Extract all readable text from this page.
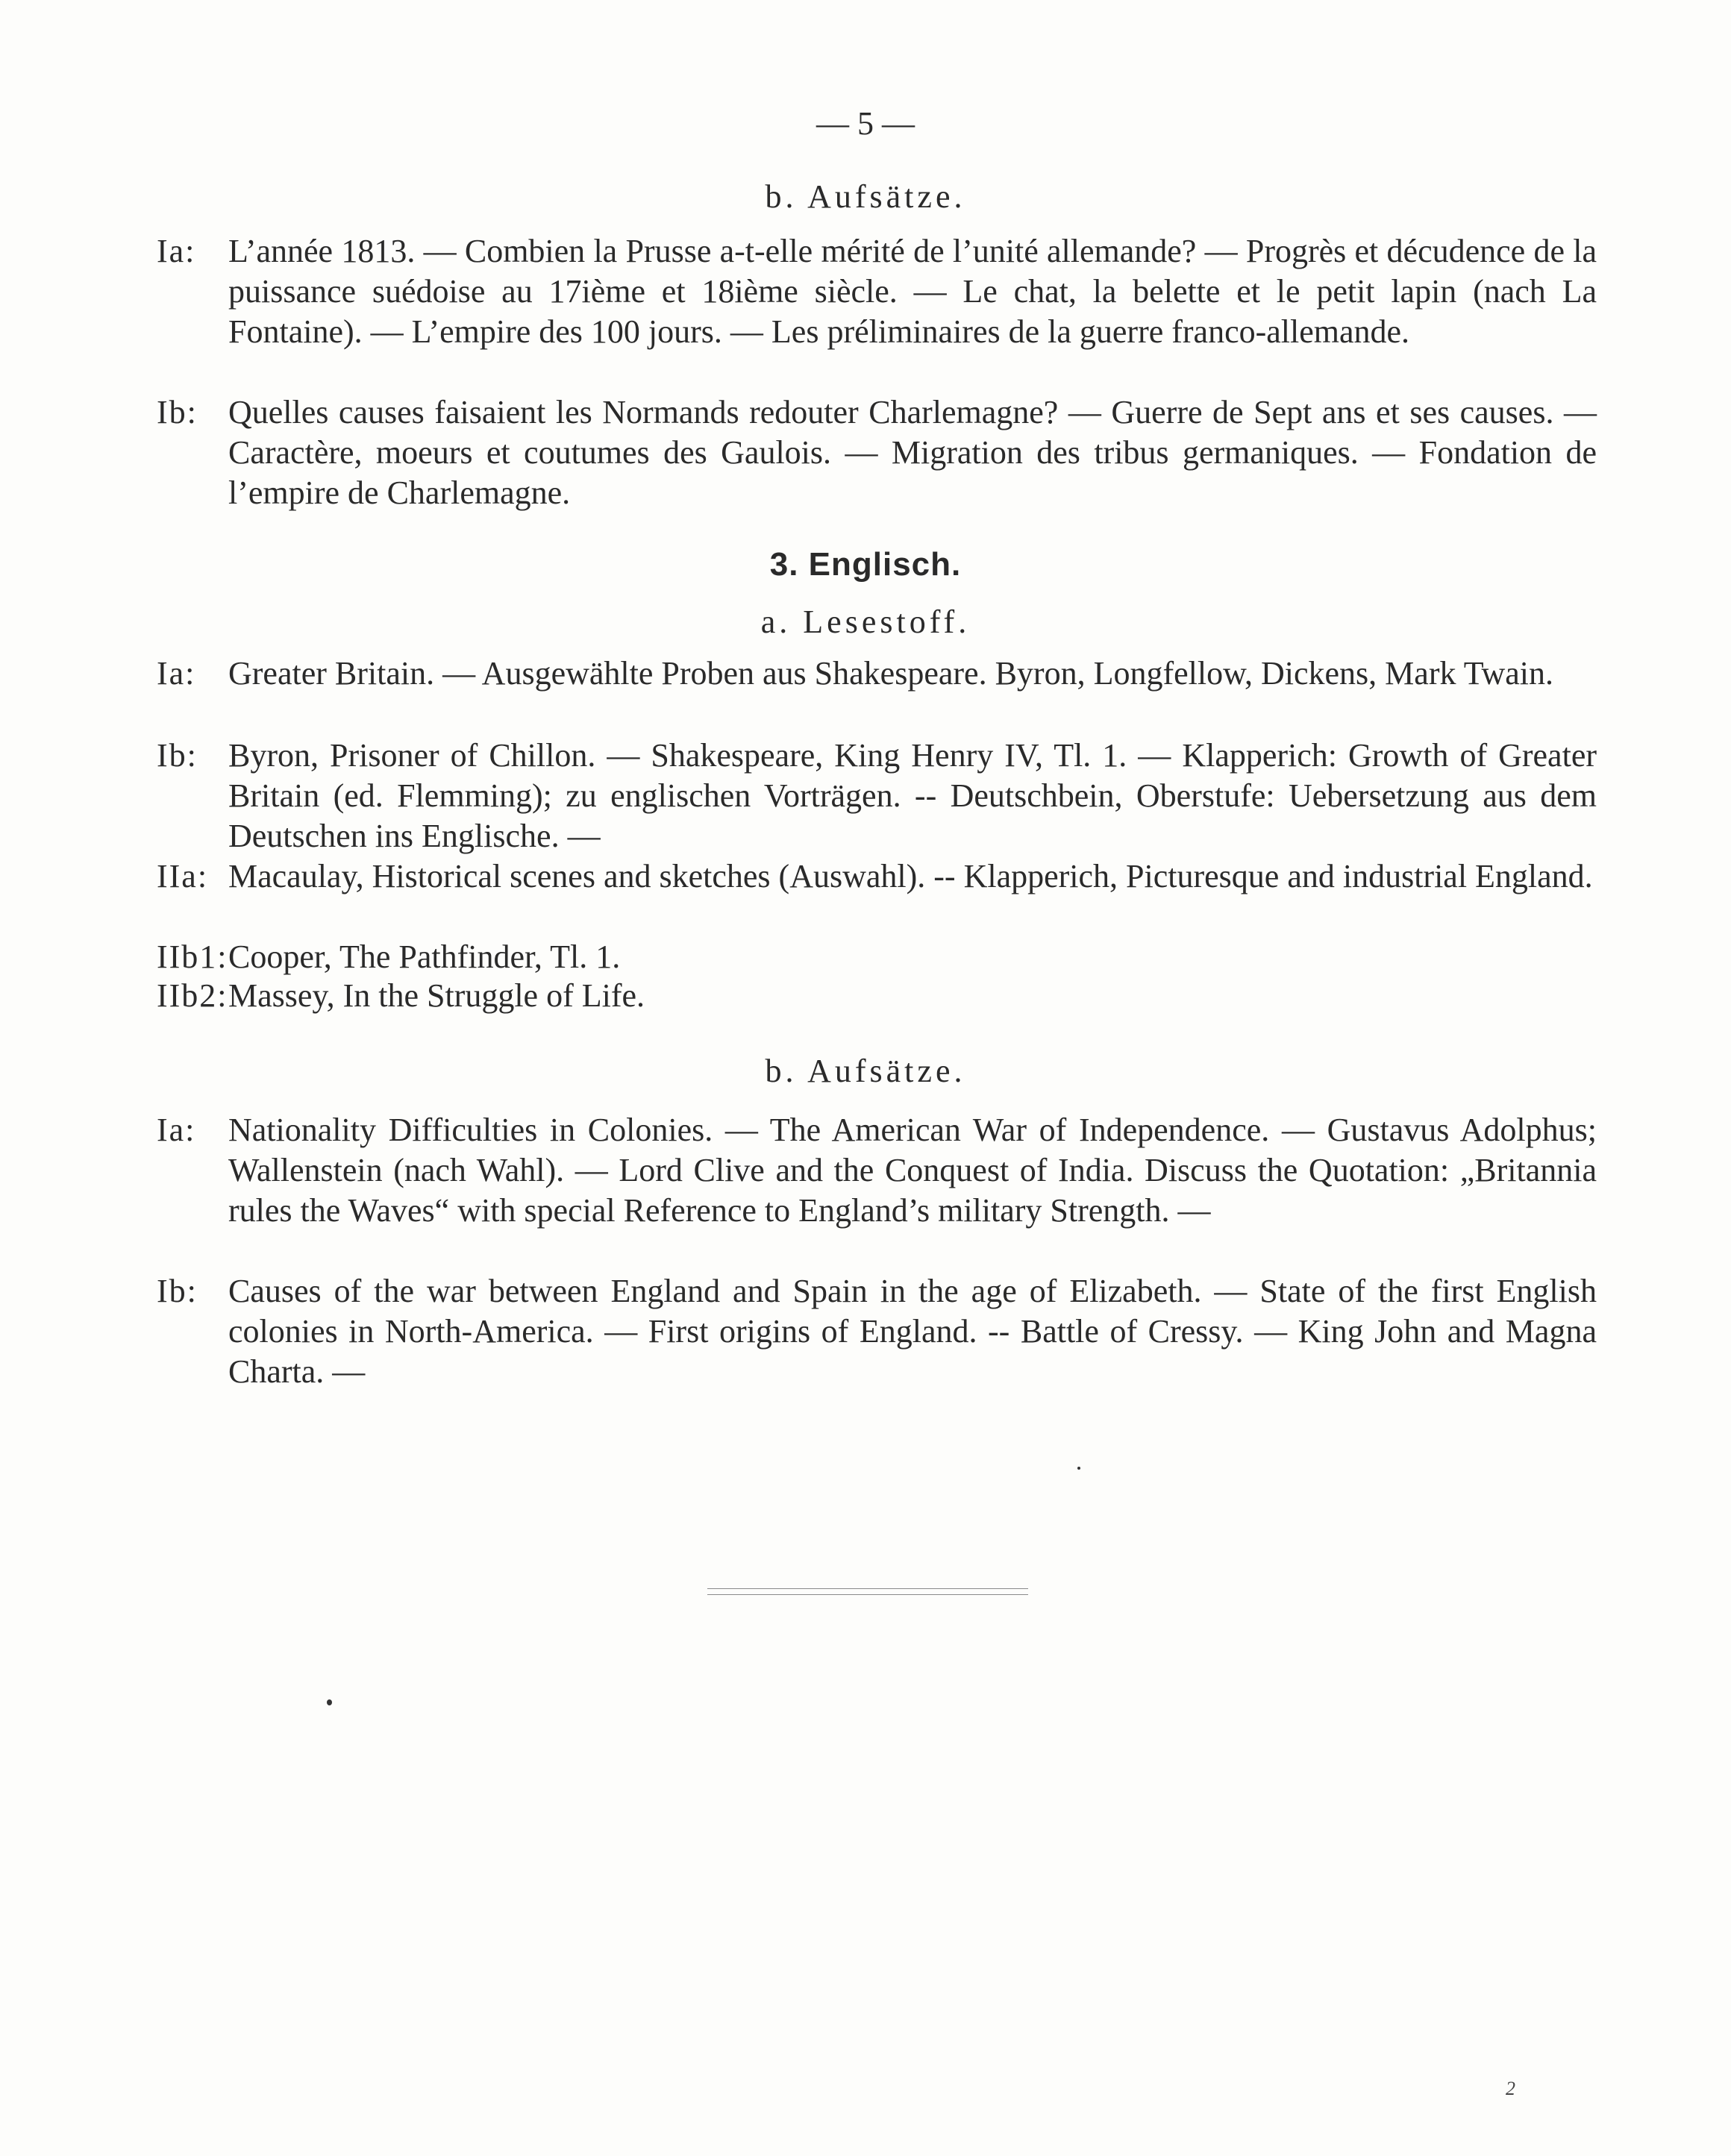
— 5 —
b. Aufsätze.
Ia: L’année 1813. — Combien la Prusse a-t-elle mérité de l’unité allemande? — Progrès et décudence de la puissance suédoise au 17ième et 18ième siècle. — Le chat, la belette et le petit lapin (nach La Fontaine). — L’empire des 100 jours. — Les préliminaires de la guerre franco-allemande.
Ib: Quelles causes faisaient les Normands redouter Charlemagne? — Guerre de Sept ans et ses causes. — Caractère, moeurs et coutumes des Gaulois. — Migration des tribus germaniques. — Fondation de l’empire de Charlemagne.
3. Englisch.
a. Lesestoff.
Ia: Greater Britain. — Ausgewählte Proben aus Shakespeare. Byron, Longfellow, Dickens, Mark Twain.
Ib: Byron, Prisoner of Chillon. — Shakespeare, King Henry IV, Tl. 1. — Klapperich: Growth of Greater Britain (ed. Flemming); zu englischen Vorträgen. -- Deutschbein, Oberstufe: Uebersetzung aus dem Deutschen ins Englische. —
IIa: Macaulay, Historical scenes and sketches (Auswahl). -- Klapperich, Picturesque and industrial England.
IIb1: Cooper, The Pathfinder, Tl. 1.
IIb2: Massey, In the Struggle of Life.
b. Aufsätze.
Ia: Nationality Difficulties in Colonies. — The American War of Independence. — Gustavus Adolphus; Wallenstein (nach Wahl). — Lord Clive and the Conquest of India. Discuss the Quotation: „Britannia rules the Waves“ with special Reference to England’s military Strength. —
Ib: Causes of the war between England and Spain in the age of Elizabeth. — State of the first English colonies in North-America. — First origins of England. -- Battle of Cressy. — King John and Magna Charta. —
2
